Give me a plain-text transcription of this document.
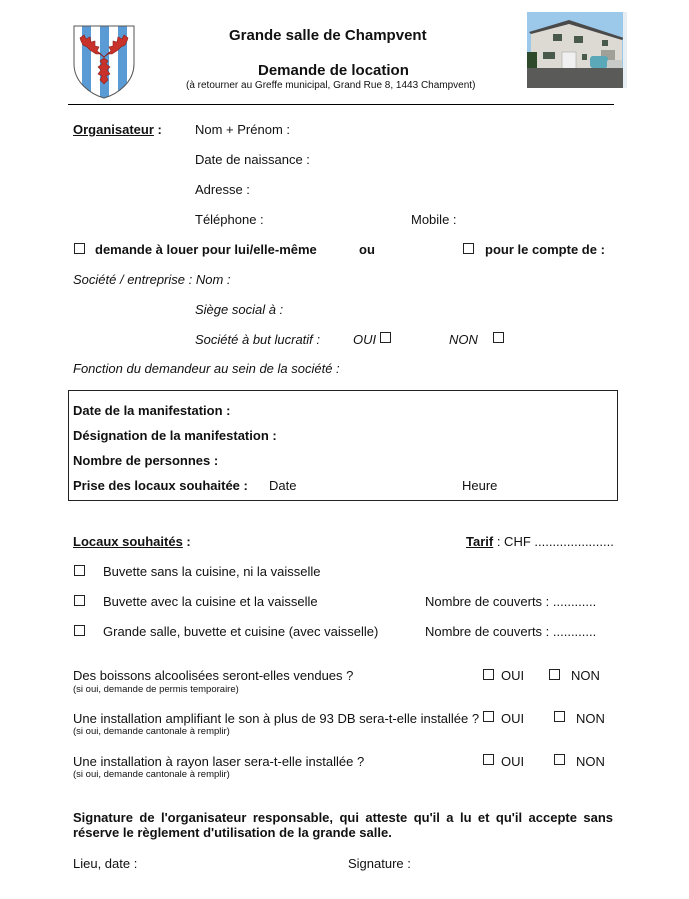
Grande salle de Champvent
Demande de location
(à retourner au Greffe municipal, Grand Rue 8, 1443 Champvent)
Organisateur :	Nom + Prénom :
Date de naissance :
Adresse :
Téléphone :	Mobile :
demande à louer pour lui/elle-même	ou	pour le compte de :
Société / entreprise : Nom :
Siège social à :
Société à but lucratif :	OUI	NON
Fonction du demandeur au sein de la société :
Date de la manifestation :
Désignation de la manifestation :
Nombre de personnes :
Prise des locaux souhaitée : Date	Heure
Locaux souhaités :	Tarif : CHF ......................
Buvette sans la cuisine, ni la vaisselle
Buvette avec la cuisine et la vaisselle	Nombre de couverts : ............
Grande salle, buvette et cuisine (avec vaisselle)	Nombre de couverts : ............
Des boissons alcoolisées seront-elles vendues ?
(si oui, demande de permis temporaire)
OUI	NON
Une installation amplifiant le son à plus de 93 DB sera-t-elle installée ?
(si oui, demande cantonale à remplir)
OUI	NON
Une installation à rayon laser sera-t-elle installée ?
(si oui, demande cantonale à remplir)
OUI	NON
Signature de l'organisateur responsable, qui atteste qu'il a lu et qu'il accepte sans réserve le règlement d'utilisation de la grande salle.
Lieu, date :	Signature :
